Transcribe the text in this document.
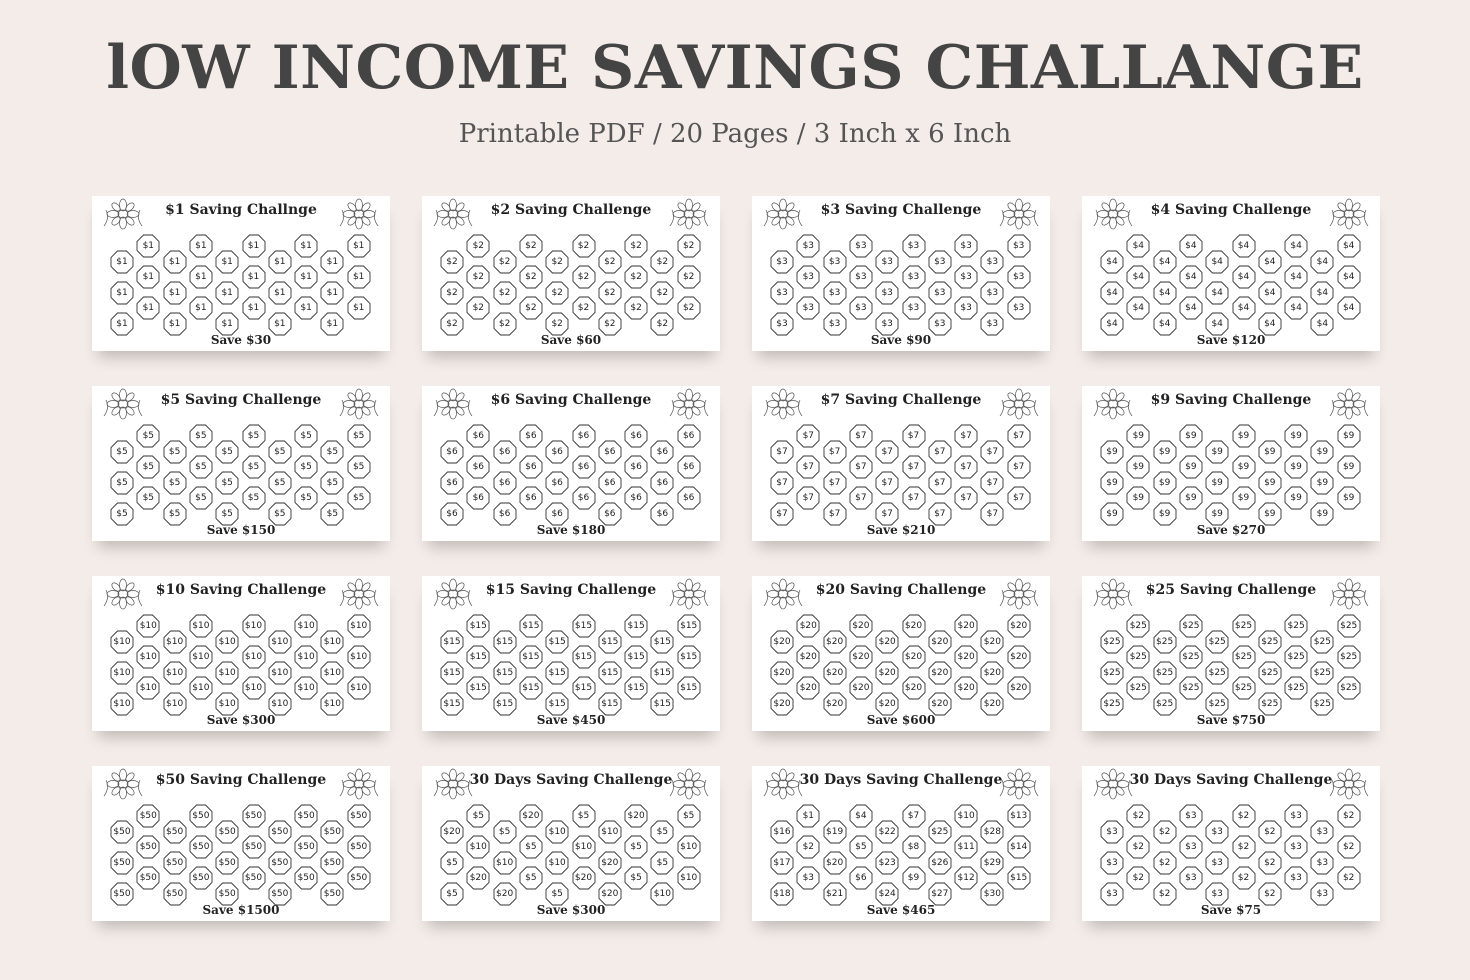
lOW INCOME SAVINGS CHALLANGE
Printable PDF / 20 Pages / 3 Inch x 6 Inch
$1 Saving Challnge
$1	$1	$1	$1	$1
$1	$1	$1	$1	$1
$1	$1	$1	$1	$1
$1	$1	$1	$1	$1
$1	$1	$1	$1	$1
$1	$1	$1	$1	$1
Save $30
$2 Saving Challenge
$2	$2	$2	$2	$2
$2	$2	$2	$2	$2
$2	$2	$2	$2	$2
$2	$2	$2	$2	$2
$2	$2	$2	$2	$2
$2	$2	$2	$2	$2
Save $60
$3 Saving Challenge
$3	$3	$3	$3	$3
$3	$3	$3	$3	$3
$3	$3	$3	$3	$3
$3	$3	$3	$3	$3
$3	$3	$3	$3	$3
$3	$3	$3	$3	$3
Save $90
$4 Saving Challenge
$4	$4	$4	$4	$4
$4	$4	$4	$4	$4
$4	$4	$4	$4	$4
$4	$4	$4	$4	$4
$4	$4	$4	$4	$4
$4	$4	$4	$4	$4
Save $120
$5 Saving Challenge
$5	$5	$5	$5	$5
$5	$5	$5	$5	$5
$5	$5	$5	$5	$5
$5	$5	$5	$5	$5
$5	$5	$5	$5	$5
$5	$5	$5	$5	$5
Save $150
$6 Saving Challenge
$6	$6	$6	$6	$6
$6	$6	$6	$6	$6
$6	$6	$6	$6	$6
$6	$6	$6	$6	$6
$6	$6	$6	$6	$6
$6	$6	$6	$6	$6
Save $180
$7 Saving Challenge
$7	$7	$7	$7	$7
$7	$7	$7	$7	$7
$7	$7	$7	$7	$7
$7	$7	$7	$7	$7
$7	$7	$7	$7	$7
$7	$7	$7	$7	$7
Save $210
$9 Saving Challenge
$9	$9	$9	$9	$9
$9	$9	$9	$9	$9
$9	$9	$9	$9	$9
$9	$9	$9	$9	$9
$9	$9	$9	$9	$9
$9	$9	$9	$9	$9
Save $270
$10 Saving Challenge
$10	$10	$10	$10	$10
$10	$10	$10	$10	$10
$10	$10	$10	$10	$10
$10	$10	$10	$10	$10
$10	$10	$10	$10	$10
$10	$10	$10	$10	$10
Save $300
$15 Saving Challenge
$15	$15	$15	$15	$15
$15	$15	$15	$15	$15
$15	$15	$15	$15	$15
$15	$15	$15	$15	$15
$15	$15	$15	$15	$15
$15	$15	$15	$15	$15
Save $450
$20 Saving Challenge
$20	$20	$20	$20	$20
$20	$20	$20	$20	$20
$20	$20	$20	$20	$20
$20	$20	$20	$20	$20
$20	$20	$20	$20	$20
$20	$20	$20	$20	$20
Save $600
$25 Saving Challenge
$25	$25	$25	$25	$25
$25	$25	$25	$25	$25
$25	$25	$25	$25	$25
$25	$25	$25	$25	$25
$25	$25	$25	$25	$25
$25	$25	$25	$25	$25
Save $750
$50 Saving Challenge
$50	$50	$50	$50	$50
$50	$50	$50	$50	$50
$50	$50	$50	$50	$50
$50	$50	$50	$50	$50
$50	$50	$50	$50	$50
$50	$50	$50	$50	$50
Save $1500
30 Days Saving Challenge
$5	$20	$5	$20	$5
$20	$5	$10	$10	$5
$10	$5	$10	$5	$10
$5	$10	$10	$20	$5
$20	$5	$20	$5	$10
$5	$20	$5	$20	$10
Save $300
30 Days Saving Challenge
$1	$4	$7	$10	$13
$16	$19	$22	$25	$28
$2	$5	$8	$11	$14
$17	$20	$23	$26	$29
$3	$6	$9	$12	$15
$18	$21	$24	$27	$30
Save $465
30 Days Saving Challenge
$2	$3	$2	$3	$2
$3	$2	$3	$2	$3
$2	$3	$2	$3	$2
$3	$2	$3	$2	$3
$2	$3	$2	$3	$2
$3	$2	$3	$2	$3
Save $75
